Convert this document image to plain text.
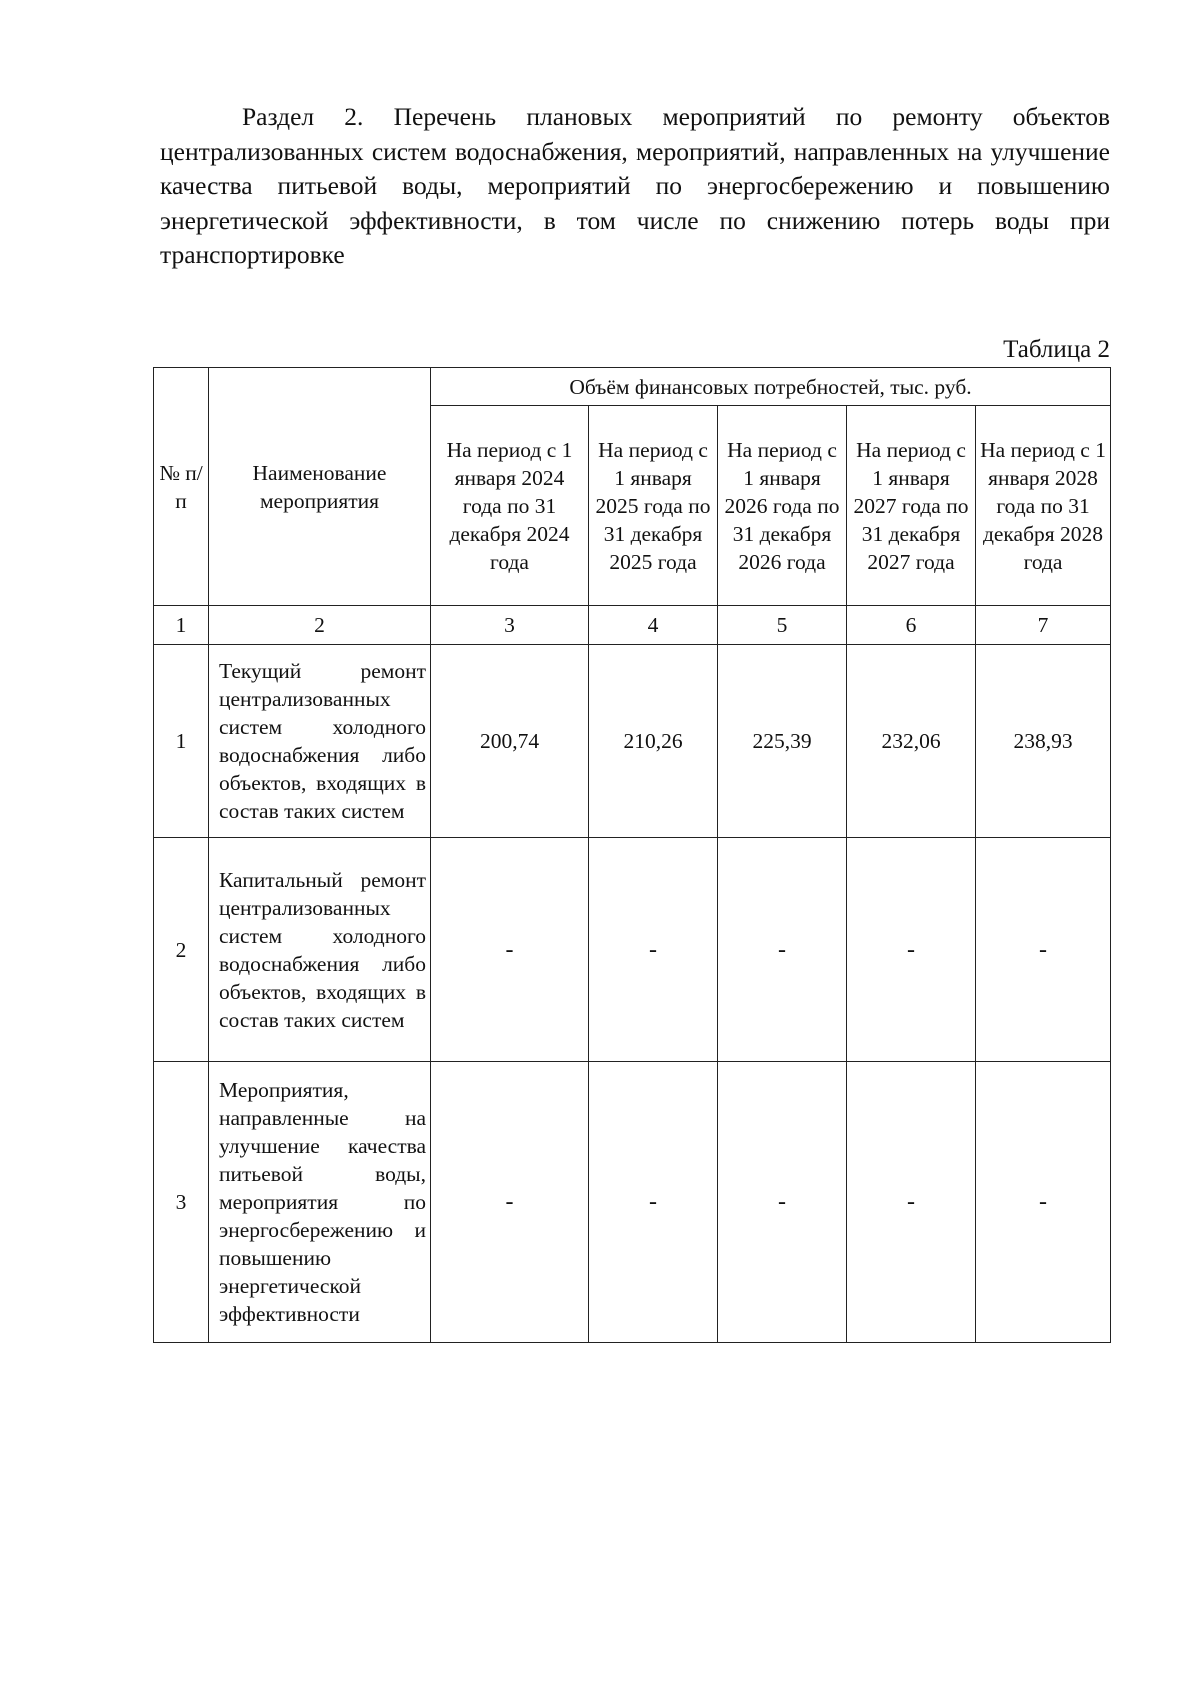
Раздел 2. Перечень плановых мероприятий по ремонту объектов централизованных систем водоснабжения, мероприятий, направленных на улучшение качества питьевой воды, мероприятий по энергосбережению и повышению энергетической эффективности, в том числе по снижению потерь воды при транспортировке

Таблица 2
№ п/п	Наименование мероприятия	Объём финансовых потребностей, тыс. руб.				
		На период с 1 января 2024 года по 31 декабря 2024 года	На период с 1 января 2025 года по 31 декабря 2025 года	На период с 1 января 2026 года по 31 декабря 2026 года	На период с 1 января 2027 года по 31 декабря 2027 года	На период с 1 января 2028 года по 31 декабря 2028 года
1	2	3	4	5	6	7
1	Текущий ремонт централизованных систем холодного водоснабжения либо объектов, входящих в состав таких систем	200,74	210,26	225,39	232,06	238,93
2	Капитальный ремонт централизованных систем холодного водоснабжения либо объектов, входящих в состав таких систем	-	-	-	-	-
3	Мероприятия, направленные на улучшение качества питьевой воды, мероприятия по энергосбережению и повышению энергетической эффективности	-	-	-	-	-
